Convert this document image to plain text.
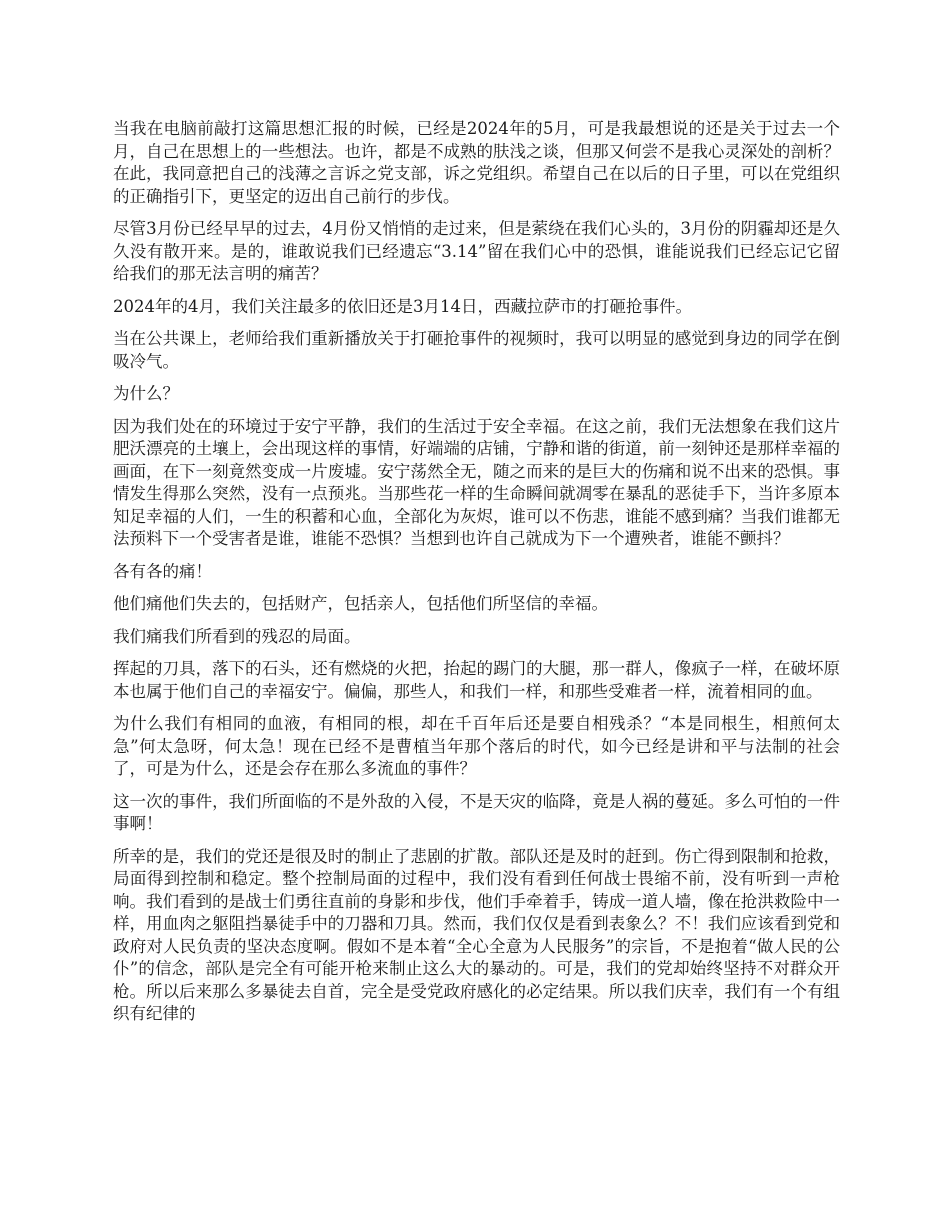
当我在电脑前敲打这篇思想汇报的时候，已经是2024年的5月，可是我最想说的还是关于过去一个月，自己在思想上的一些想法。也许，都是不成熟的肤浅之谈，但那又何尝不是我心灵深处的剖析？在此，我同意把自己的浅薄之言诉之党支部，诉之党组织。希望自己在以后的日子里，可以在党组织的正确指引下，更坚定的迈出自己前行的步伐。

尽管3月份已经早早的过去，4月份又悄悄的走过来，但是萦绕在我们心头的，3月份的阴霾却还是久久没有散开来。是的，谁敢说我们已经遗忘“3.14”留在我们心中的恐惧，谁能说我们已经忘记它留给我们的那无法言明的痛苦？

2024年的4月，我们关注最多的依旧还是3月14日，西藏拉萨市的打砸抢事件。

当在公共课上，老师给我们重新播放关于打砸抢事件的视频时，我可以明显的感觉到身边的同学在倒吸冷气。

为什么？

因为我们处在的环境过于安宁平静，我们的生活过于安全幸福。在这之前，我们无法想象在我们这片肥沃漂亮的土壤上，会出现这样的事情，好端端的店铺，宁静和谐的街道，前一刻钟还是那样幸福的画面，在下一刻竟然变成一片废墟。安宁荡然全无，随之而来的是巨大的伤痛和说不出来的恐惧。事情发生得那么突然，没有一点预兆。当那些花一样的生命瞬间就凋零在暴乱的恶徒手下，当许多原本知足幸福的人们，一生的积蓄和心血，全部化为灰烬，谁可以不伤悲，谁能不感到痛？当我们谁都无法预料下一个受害者是谁，谁能不恐惧？当想到也许自己就成为下一个遭殃者，谁能不颤抖？

各有各的痛！

他们痛他们失去的，包括财产，包括亲人，包括他们所坚信的幸福。

我们痛我们所看到的残忍的局面。

挥起的刀具，落下的石头，还有燃烧的火把，抬起的踢门的大腿，那一群人，像疯子一样，在破坏原本也属于他们自己的幸福安宁。偏偏，那些人，和我们一样，和那些受难者一样，流着相同的血。

为什么我们有相同的血液，有相同的根，却在千百年后还是要自相残杀？“本是同根生，相煎何太急”何太急呀，何太急！现在已经不是曹植当年那个落后的时代，如今已经是讲和平与法制的社会了，可是为什么，还是会存在那么多流血的事件？

这一次的事件，我们所面临的不是外敌的入侵，不是天灾的临降，竟是人祸的蔓延。多么可怕的一件事啊！

所幸的是，我们的党还是很及时的制止了悲剧的扩散。部队还是及时的赶到。伤亡得到限制和抢救，局面得到控制和稳定。整个控制局面的过程中，我们没有看到任何战士畏缩不前，没有听到一声枪响。我们看到的是战士们勇往直前的身影和步伐，他们手牵着手，铸成一道人墙，像在抢洪救险中一样，用血肉之躯阻挡暴徒手中的刀器和刀具。然而，我们仅仅是看到表象么？不！我们应该看到党和政府对人民负责的坚决态度啊。假如不是本着“全心全意为人民服务”的宗旨，不是抱着“做人民的公仆”的信念，部队是完全有可能开枪来制止这么大的暴动的。可是，我们的党却始终坚持不对群众开枪。所以后来那么多暴徒去自首，完全是受党政府感化的必定结果。所以我们庆幸，我们有一个有组织有纪律的
